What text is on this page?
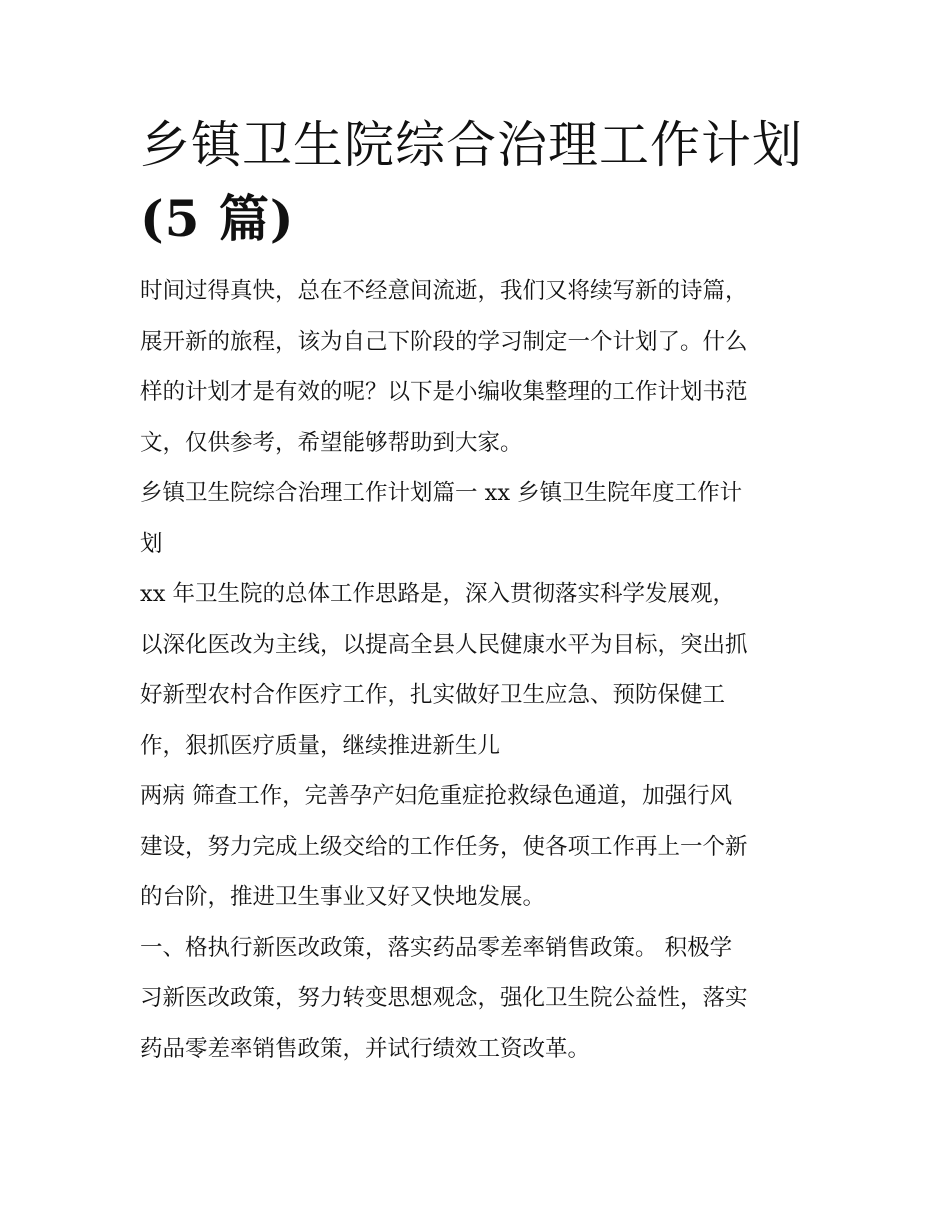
乡镇卫生院综合治理工作计划
(5 篇)
时间过得真快，总在不经意间流逝，我们又将续写新的诗篇，
展开新的旅程，该为自己下阶段的学习制定一个计划了。什么
样的计划才是有效的呢？以下是小编收集整理的工作计划书范
文，仅供参考，希望能够帮助到大家。
乡镇卫生院综合治理工作计划篇一 xx 乡镇卫生院年度工作计
划
xx 年卫生院的总体工作思路是，深入贯彻落实科学发展观，
以深化医改为主线，以提高全县人民健康水平为目标，突出抓
好新型农村合作医疗工作，扎实做好卫生应急、预防保健工
作，狠抓医疗质量，继续推进新生儿
两病 筛查工作，完善孕产妇危重症抢救绿色通道，加强行风
建设，努力完成上级交给的工作任务，使各项工作再上一个新
的台阶，推进卫生事业又好又快地发展。
一、格执行新医改政策，落实药品零差率销售政策。 积极学
习新医改政策，努力转变思想观念，强化卫生院公益性，落实
药品零差率销售政策，并试行绩效工资改革。
